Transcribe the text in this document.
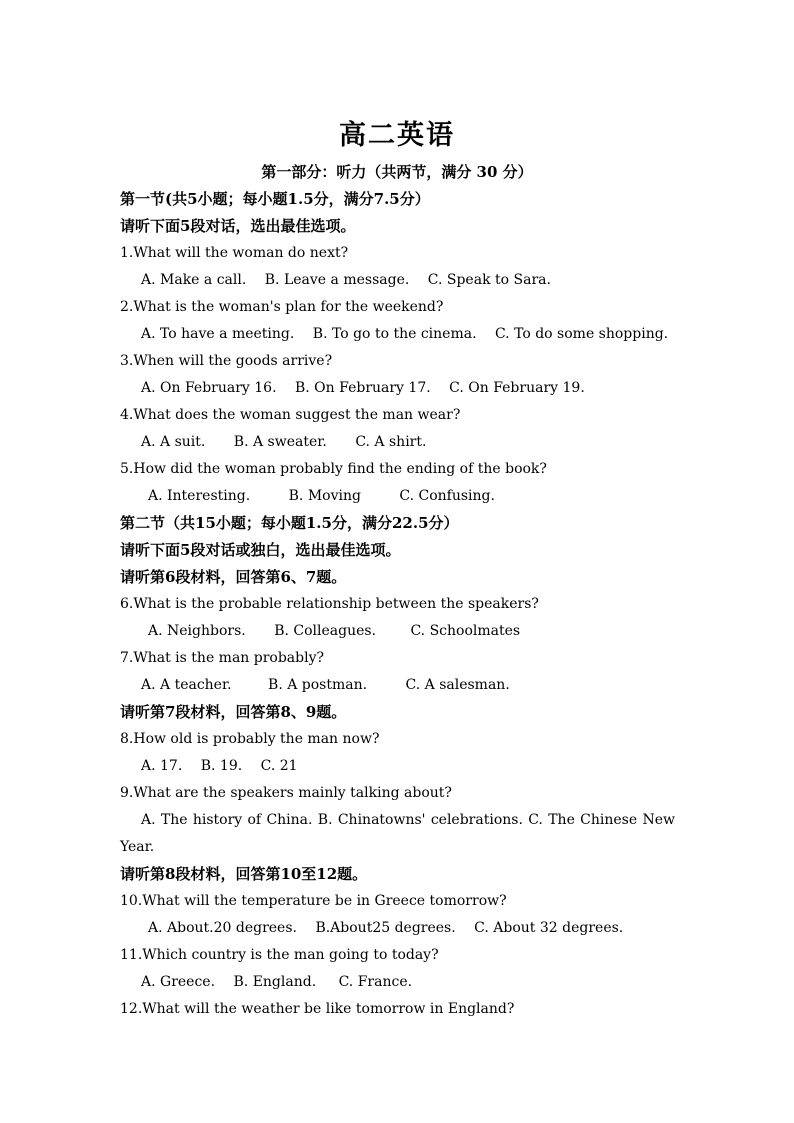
高二英语
第一部分：听力（共两节，满分 30 分）
第一节(共5小题；每小题1.5分，满分7.5分）
请听下面5段对话，选出最佳选项。
1.What will the woman do next?
A. Make a call. B. Leave a message. C. Speak to Sara.
2.What is the woman's plan for the weekend?
A. To have a meeting. B. To go to the cinema. C. To do some shopping.
3.When will the goods arrive?
A. On February 16. B. On February 17. C. On February 19.
4.What does the woman suggest the man wear?
A. A suit. B. A sweater. C. A shirt.
5.How did the woman probably find the ending of the book?
A. Interesting.	B. Moving	C. Confusing.
第二节（共15小题；每小题1.5分，满分22.5分）
请听下面5段对话或独白，选出最佳选项。
请听第6段材料，回答第6、7题。
6.What is the probable relationship between the speakers?
A. Neighbors. B. Colleagues. C. Schoolmates
7.What is the man probably?
A. A teacher.	B. A postman.	C. A salesman.
请听第7段材料，回答第8、9题。
8.How old is probably the man now?
A. 17. B. 19. C. 21
9.What are the speakers mainly talking about?
A. The history of China. B. Chinatowns' celebrations. C. The Chinese New
Year.
请听第8段材料，回答第10至12题。
10.What will the temperature be in Greece tomorrow?
A. About.20 degrees. B.About25 degrees. C. About 32 degrees.
11.Which country is the man going to today?
A. Greece. B. England. C. France.
12.What will the weather be like tomorrow in England?
